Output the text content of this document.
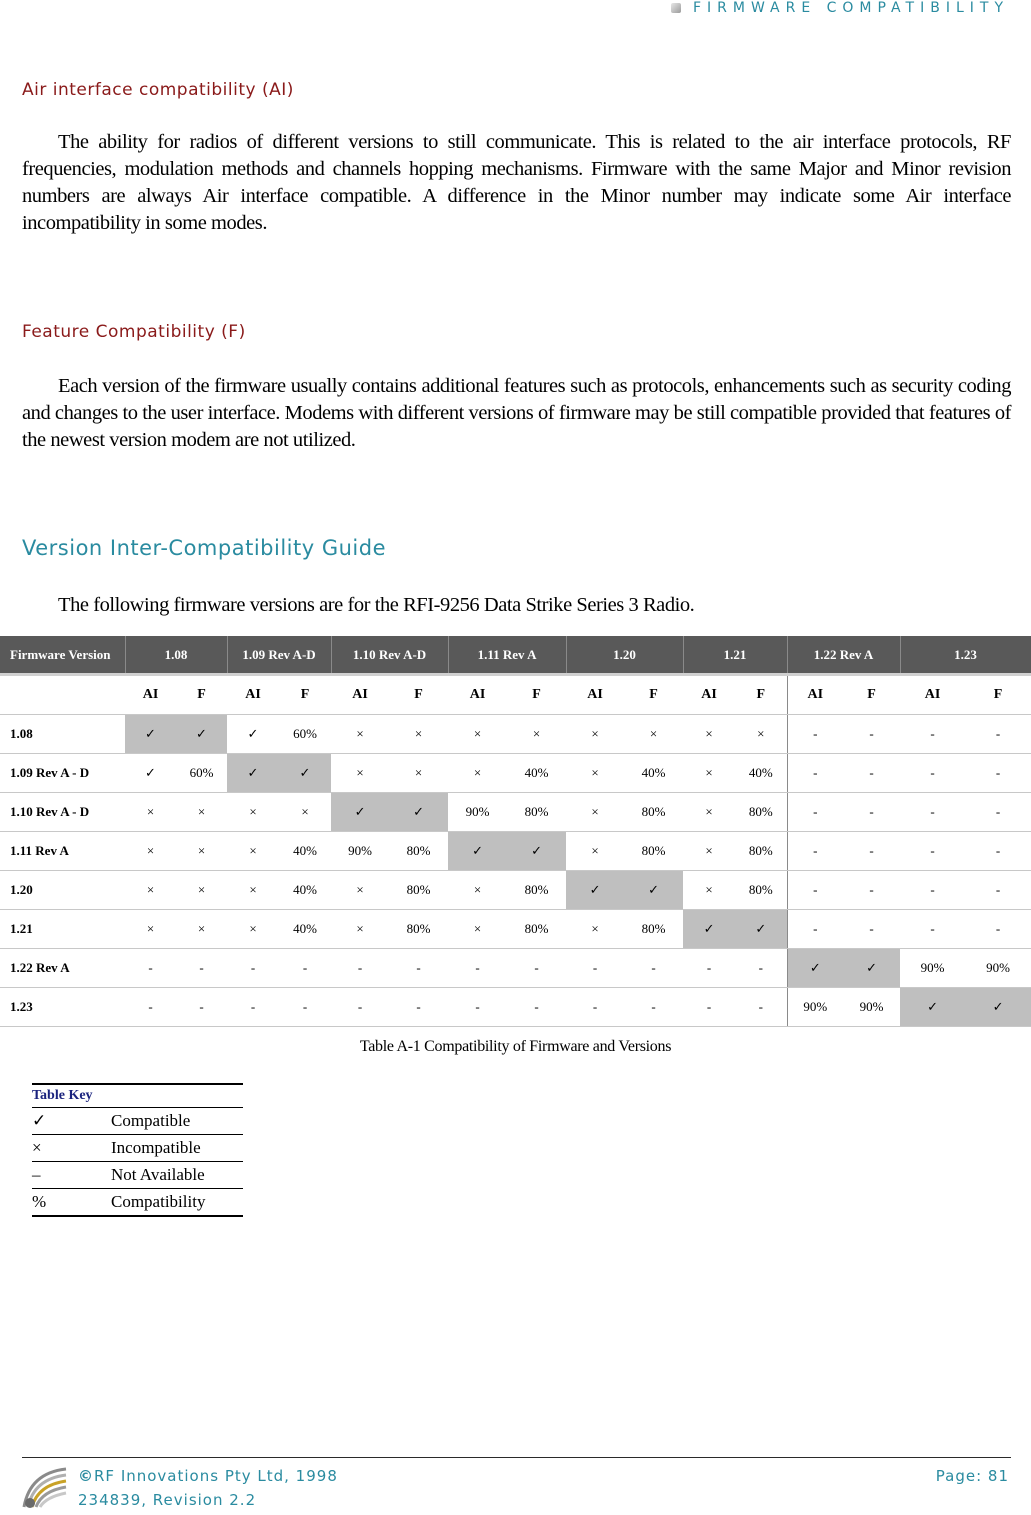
FIRMWARE COMPATIBILITY
Air interface compatibility (AI)

The ability for radios of different versions to still communicate. This is related to the air interface protocols, RF frequencies, modulation methods and channels hopping mechanisms. Firmware with the same Major and Minor revision numbers are always Air interface compatible. A difference in the Minor number may indicate some Air interface incompatibility in some modes.

Feature Compatibility (F)

Each version of the firmware usually contains additional features such as protocols, enhancements such as security coding and changes to the user interface. Modems with different versions of firmware may be still compatible provided that features of the newest version modem are not utilized.

Version Inter-Compatibility Guide

The following firmware versions are for the RFI-9256 Data Strike Series 3 Radio.

Firmware Version	1.08		1.09 Rev A-D		1.10 Rev A-D		1.11 Rev A		1.20		1.21		1.22 Rev A		1.23	
	AI	F	AI	F	AI	F	AI	F	AI	F	AI	F	AI	F	AI	F
1.08	✓	✓	✓	60%	×	×	×	×	×	×	×	×	-	-	-	-
1.09 Rev A - D	✓	60%	✓	✓	×	×	×	40%	×	40%	×	40%	-	-	-	-
1.10 Rev A - D	×	×	×	×	✓	✓	90%	80%	×	80%	×	80%	-	-	-	-
1.11 Rev A	×	×	×	40%	90%	80%	✓	✓	×	80%	×	80%	-	-	-	-
1.20	×	×	×	40%	×	80%	×	80%	✓	✓	×	80%	-	-	-	-
1.21	×	×	×	40%	×	80%	×	80%	×	80%	✓	✓	-	-	-	-
1.22 Rev A	-	-	-	-	-	-	-	-	-	-	-	-	✓	✓	90%	90%
1.23	-	-	-	-	-	-	-	-	-	-	-	-	90%	90%	✓	✓
Table A-1 Compatibility of Firmware and Versions
Table Key
✓	Compatible
×	Incompatible
–	Not Available
%	Compatibility
©RF Innovations Pty Ltd, 1998
234839, Revision 2.2
Page: 81
